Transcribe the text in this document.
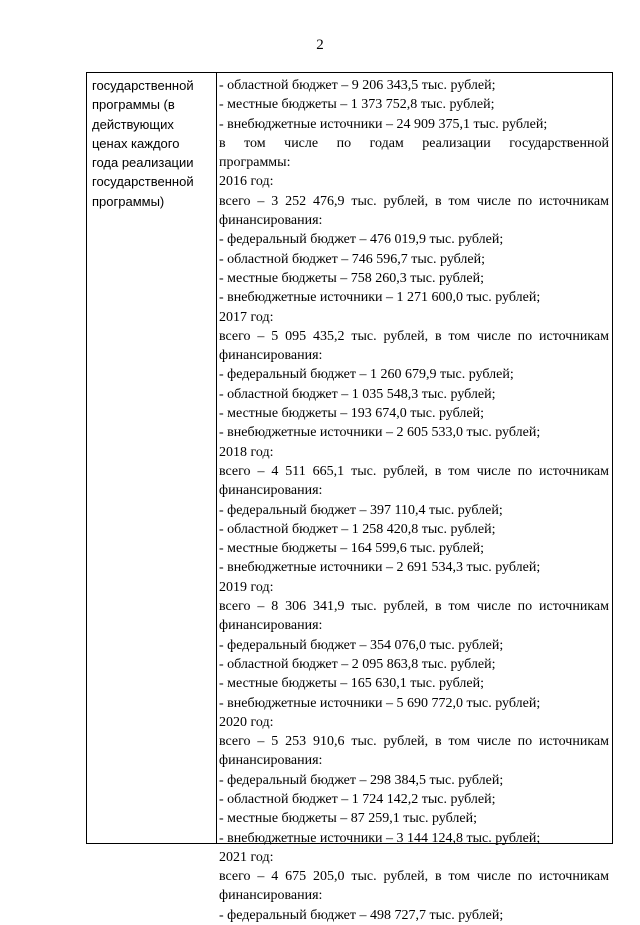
2
государственной
программы (в
действующих
ценах каждого
года реализации
государственной
программы)
- областной бюджет – 9 206 343,5 тыс. рублей;
- местные бюджеты – 1 373 752,8 тыс. рублей;
- внебюджетные источники – 24 909 375,1 тыс. рублей;
в том числе по годам реализации государственной
программы:
2016 год:
всего – 3 252 476,9 тыс. рублей, в том числе по источникам
финансирования:
- федеральный бюджет – 476 019,9 тыс. рублей;
- областной бюджет – 746 596,7 тыс. рублей;
- местные бюджеты – 758 260,3 тыс. рублей;
- внебюджетные источники – 1 271 600,0 тыс. рублей;
2017 год:
всего – 5 095 435,2 тыс. рублей, в том числе по источникам
финансирования:
- федеральный бюджет – 1 260 679,9 тыс. рублей;
- областной бюджет – 1 035 548,3 тыс. рублей;
- местные бюджеты – 193 674,0 тыс. рублей;
- внебюджетные источники – 2 605 533,0 тыс. рублей;
2018 год:
всего – 4 511 665,1 тыс. рублей, в том числе по источникам
финансирования:
- федеральный бюджет – 397 110,4 тыс. рублей;
- областной бюджет – 1 258 420,8 тыс. рублей;
- местные бюджеты – 164 599,6 тыс. рублей;
- внебюджетные источники – 2 691 534,3 тыс. рублей;
2019 год:
всего – 8 306 341,9 тыс. рублей, в том числе по источникам
финансирования:
- федеральный бюджет – 354 076,0 тыс. рублей;
- областной бюджет – 2 095 863,8 тыс. рублей;
- местные бюджеты – 165 630,1 тыс. рублей;
- внебюджетные источники – 5 690 772,0 тыс. рублей;
2020 год:
всего – 5 253 910,6 тыс. рублей, в том числе по источникам
финансирования:
- федеральный бюджет – 298 384,5 тыс. рублей;
- областной бюджет – 1 724 142,2 тыс. рублей;
- местные бюджеты – 87 259,1 тыс. рублей;
- внебюджетные источники – 3 144 124,8 тыс. рублей;
2021 год:
всего – 4 675 205,0 тыс. рублей, в том числе по источникам
финансирования:
- федеральный бюджет – 498 727,7 тыс. рублей;
